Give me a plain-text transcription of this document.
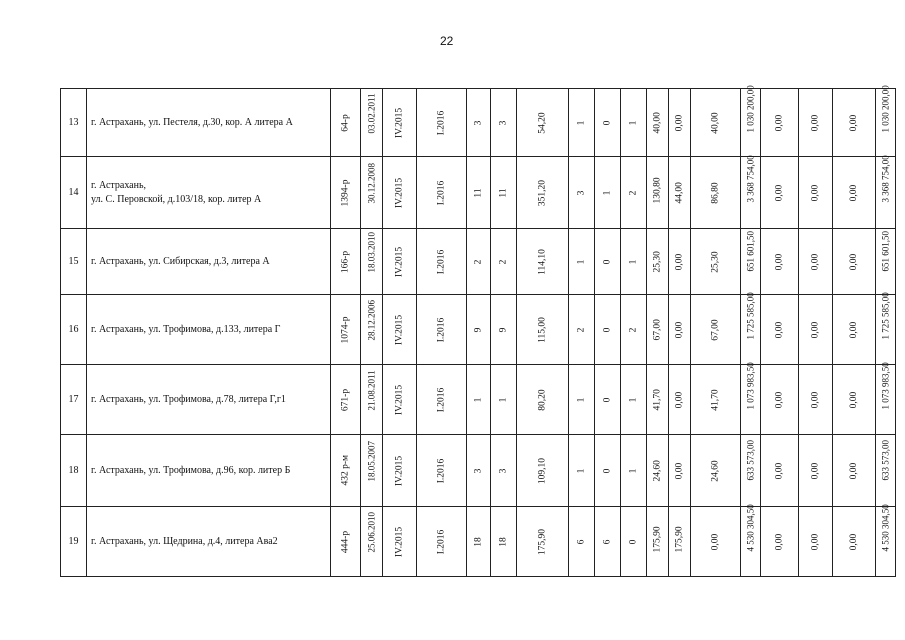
22
13	г. Астрахань, ул. Пестеля, д.30, кор. А литера А	64-р	03.02.2011	IV.2015	I.2016	3	3	54,20	1	0	1	40,00	0,00	40,00	1 030 200,00	0,00	0,00	0,00	1 030 200,00

14	г. Астрахань,
ул. С. Перовской, д.103/18, кор. литер А	1394-р	30.12.2008	IV.2015	I.2016	11	11	351,20	3	1	2	130,80	44,00	86,80	3 368 754,00	0,00	0,00	0,00	3 368 754,00

15	г. Астрахань, ул. Сибирская, д.3, литера А	166-р	18.03.2010	IV.2015	I.2016	2	2	114,10	1	0	1	25,30	0,00	25,30	651 601,50	0,00	0,00	0,00	651 601,50

16	г. Астрахань, ул. Трофимова, д.133, литера Г	1074-р	28.12.2006	IV.2015	I.2016	9	9	115,00	2	0	2	67,00	0,00	67,00	1 725 585,00	0,00	0,00	0,00	1 725 585,00

17	г. Астрахань, ул. Трофимова, д.78, литера Г,г1	671-р	21.08.2011	IV.2015	I.2016	1	1	80,20	1	0	1	41,70	0,00	41,70	1 073 983,50	0,00	0,00	0,00	1 073 983,50

18	г. Астрахань, ул. Трофимова, д.96, кор. литер Б	432 р-м	18.05.2007	IV.2015	I.2016	3	3	109,10	1	0	1	24,60	0,00	24,60	633 573,00	0,00	0,00	0,00	633 573,00

19	г. Астрахань, ул. Щедрина, д.4, литера Ава2	444-р	25.06.2010	IV.2015	I.2016	18	18	175,90	6	6	0	175,90	175,90	0,00	4 530 304,50	0,00	0,00	0,00	4 530 304,50
